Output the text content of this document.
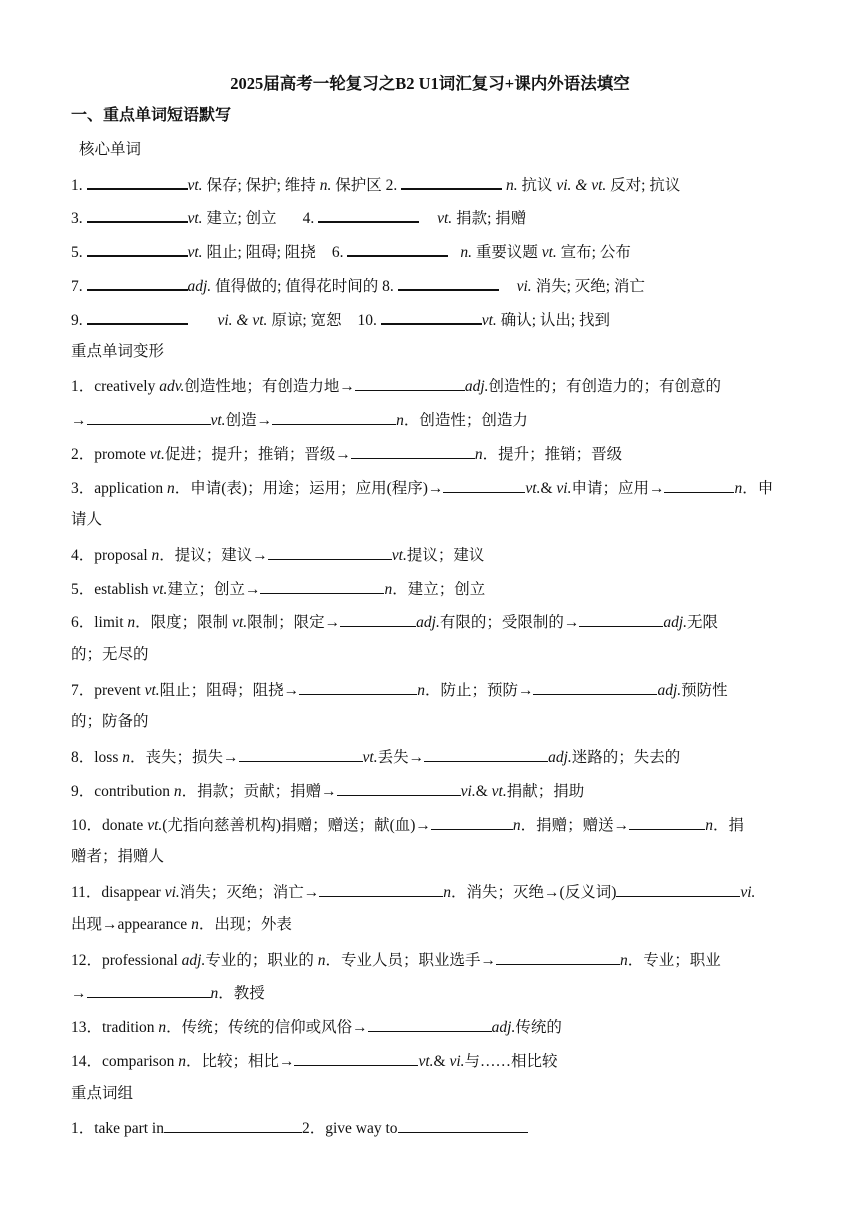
2025届高考一轮复习之B2 U1词汇复习+课内外语法填空
一、重点单词短语默写
核心单词
1.	vt. 保存; 保护; 维持 n. 保护区 2.	n. 抗议 vi. & vt. 反对; 抗议
3.	vt. 建立; 创立 4.	vt. 捐款; 捐赠
5.	vt. 阻止; 阻碍; 阻挠 6.	n. 重要议题 vt. 宣布; 公布
7.	adj. 值得做的; 值得花时间的 8.	vi. 消失; 灭绝; 消亡
9.	vi. & vt. 原谅; 宽恕 10.	vt. 确认; 认出; 找到
重点单词变形
1．creatively adv.创造性地；有创造力地→	adj.创造性的；有创造力的；有创意的
→	vt.创造→	n．创造性；创造力
2．promote vt.促进；提升；推销；晋级→	n．提升；推销；晋级
3．application n．申请(表)；用途；运用；应用(程序)→	vt.& vi.申请；应用→	n．申
请人
4．proposal n．提议；建议→	vt.提议；建议
5．establish vt.建立；创立→	n．建立；创立
6．limit n．限度；限制 vt.限制；限定→	adj.有限的；受限制的→	adj.无限
的；无尽的
7．prevent vt.阻止；阻碍；阻挠→	n．防止；预防→	adj.预防性
的；防备的
8．loss n．丧失；损失→	vt.丢失→	adj.迷路的；失去的
9．contribution n．捐款；贡献；捐赠→	vi.& vt.捐献；捐助
10．donate vt.(尤指向慈善机构)捐赠；赠送；献(血)→	n．捐赠；赠送→	n．捐
赠者；捐赠人
11．disappear vi.消失；灭绝；消亡→	n．消失；灭绝→(反义词)	vi.
出现→appearance n．出现；外表
12．professional adj.专业的；职业的 n．专业人员；职业选手→	n．专业；职业
→	n．教授
13．tradition n．传统；传统的信仰或风俗→	adj.传统的
14．comparison n．比较；相比→	vt.& vi.与……相比较
重点词组
1．take part in	2．give way to
